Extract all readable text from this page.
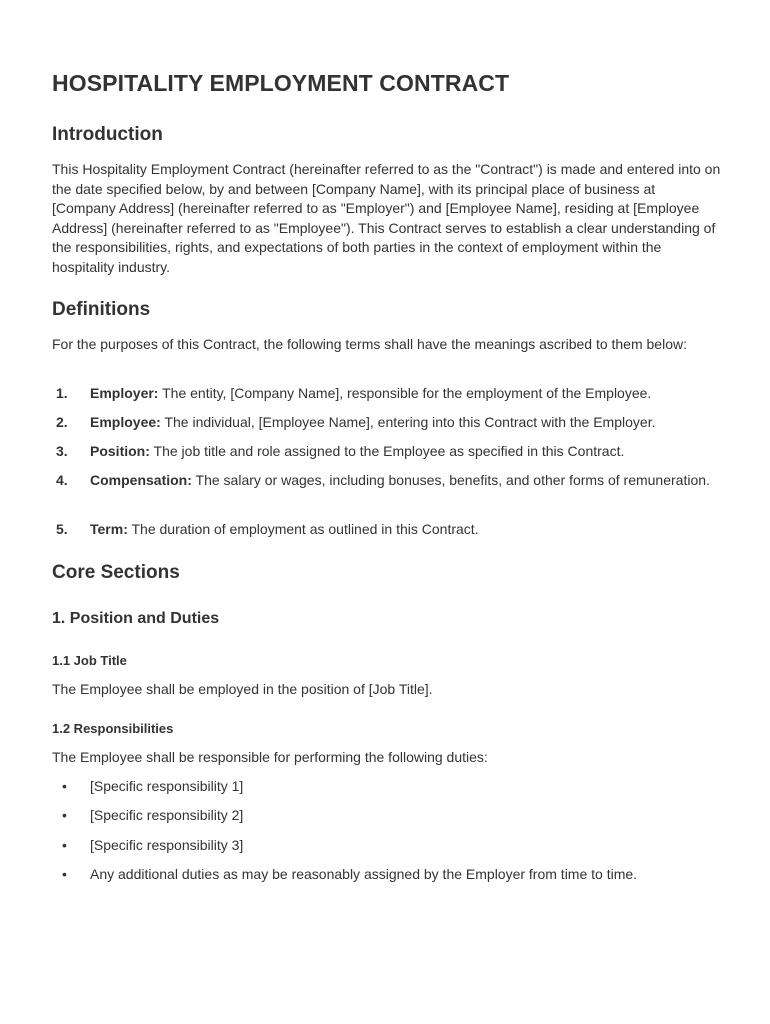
HOSPITALITY EMPLOYMENT CONTRACT
Introduction

This Hospitality Employment Contract (hereinafter referred to as the "Contract") is made and entered into on the date specified below, by and between [Company Name], with its principal place of business at [Company Address] (hereinafter referred to as "Employer") and [Employee Name], residing at [Employee Address] (hereinafter referred to as "Employee"). This Contract serves to establish a clear understanding of the responsibilities, rights, and expectations of both parties in the context of employment within the hospitality industry.

Definitions

For the purposes of this Contract, the following terms shall have the meanings ascribed to them below:

1. Employer: The entity, [Company Name], responsible for the employment of the Employee.
2. Employee: The individual, [Employee Name], entering into this Contract with the Employer.
3. Position: The job title and role assigned to the Employee as specified in this Contract.
4. Compensation: The salary or wages, including bonuses, benefits, and other forms of remuneration.
5. Term: The duration of employment as outlined in this Contract.
Core Sections
1. Position and Duties
1.1 Job Title

The Employee shall be employed in the position of [Job Title].

1.2 Responsibilities

The Employee shall be responsible for performing the following duties:

• [Specific responsibility 1]
• [Specific responsibility 2]
• [Specific responsibility 3]
• Any additional duties as may be reasonably assigned by the Employer from time to time.
